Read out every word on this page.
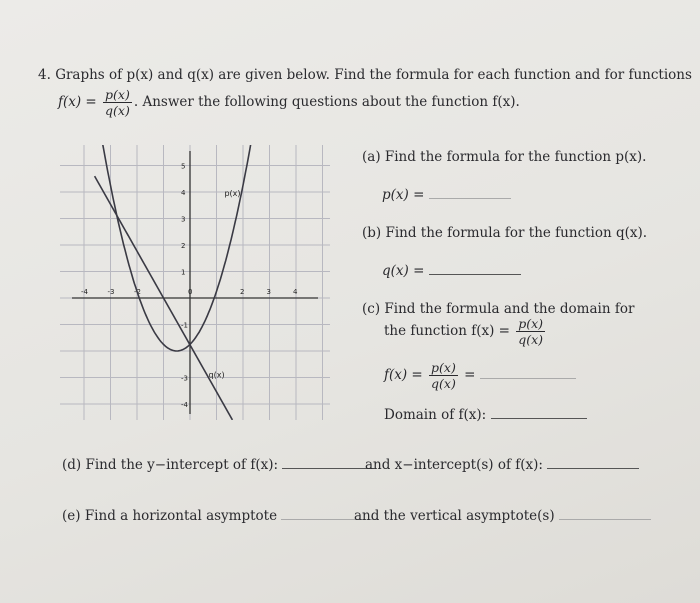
4. Graphs of p(x) and q(x) are given below. Find the formula for each function and for functions
$f(x) = \frac{p(x)}{q(x)}$ . Answer the following questions about the function f(x).
-4	-3	-2	0	2	3	4
5
4
3
2
1
-1
-3
-4
p(x)
q(x)
(a) Find the formula for the function p(x).
p(x) =
(b) Find the formula for the function q(x).
q(x) =
(c) Find the formula and the domain for
the function $f(x) = \frac{p(x)}{q(x)}$
$f(x) = \frac{p(x)}{q(x)}$ =
Domain of f(x):
(d) Find the y−intercept of f(x):	and x−intercept(s) of f(x):
(e) Find a horizontal asymptote	and the vertical asymptote(s)
